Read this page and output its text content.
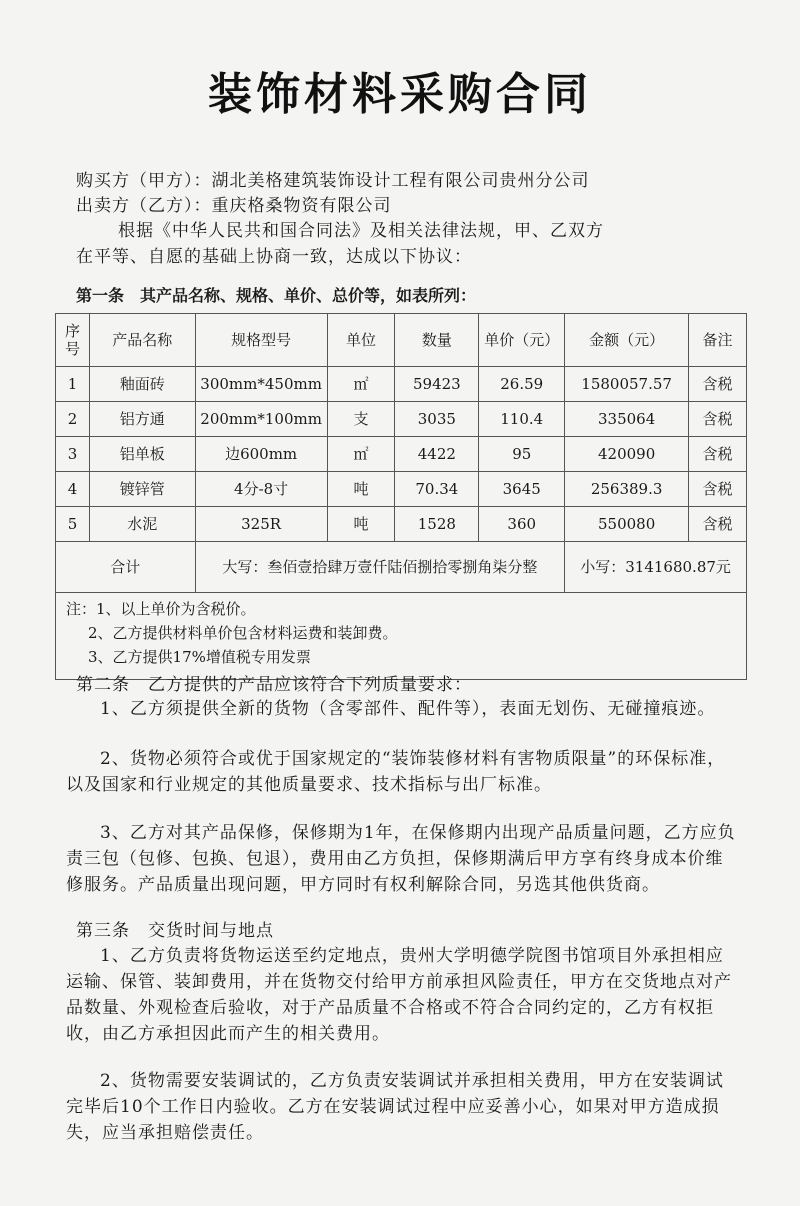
装饰材料采购合同
购买方（甲方）：湖北美格建筑装饰设计工程有限公司贵州分公司
出卖方（乙方）：重庆格桑物资有限公司
根据《中华人民共和国合同法》及相关法律法规，甲、乙双方
在平等、自愿的基础上协商一致，达成以下协议：
第一条　其产品名称、规格、单价、总价等，如表所列：
序号	产品名称	规格型号	单位	数量	单价（元）	金额（元）	备注
1	釉面砖	300mm*450mm	㎡	59423	26.59	1580057.57	含税
2	铝方通	200mm*100mm	支	3035	110.4	335064	含税
3	铝单板	边600mm	㎡	4422	95	420090	含税
4	镀锌管	4分-8寸	吨	70.34	3645	256389.3	含税
5	水泥	325R	吨	1528	360	550080	含税
合计		大写：叁佰壹拾肆万壹仟陆佰捌拾零捌角柒分整				小写：3141680.87元	

注：1、以上单价为含税价。
2、乙方提供材料单价包含材料运费和装卸费。
3、乙方提供17%增值税专用发票							
第二条　乙方提供的产品应该符合下列质量要求：
1、乙方须提供全新的货物（含零部件、配件等），表面无划伤、无碰撞痕迹。
2、货物必须符合或优于国家规定的“装饰装修材料有害物质限量”的环保标准，以及国家和行业规定的其他质量要求、技术指标与出厂标准。
3、乙方对其产品保修，保修期为1年，在保修期内出现产品质量问题，乙方应负责三包（包修、包换、包退），费用由乙方负担，保修期满后甲方享有终身成本价维修服务。产品质量出现问题，甲方同时有权利解除合同，另选其他供货商。
第三条　交货时间与地点
1、乙方负责将货物运送至约定地点，贵州大学明德学院图书馆项目外承担相应运输、保管、装卸费用，并在货物交付给甲方前承担风险责任，甲方在交货地点对产品数量、外观检查后验收，对于产品质量不合格或不符合合同约定的，乙方有权拒收，由乙方承担因此而产生的相关费用。
2、货物需要安装调试的，乙方负责安装调试并承担相关费用，甲方在安装调试完毕后10个工作日内验收。乙方在安装调试过程中应妥善小心，如果对甲方造成损失，应当承担赔偿责任。
